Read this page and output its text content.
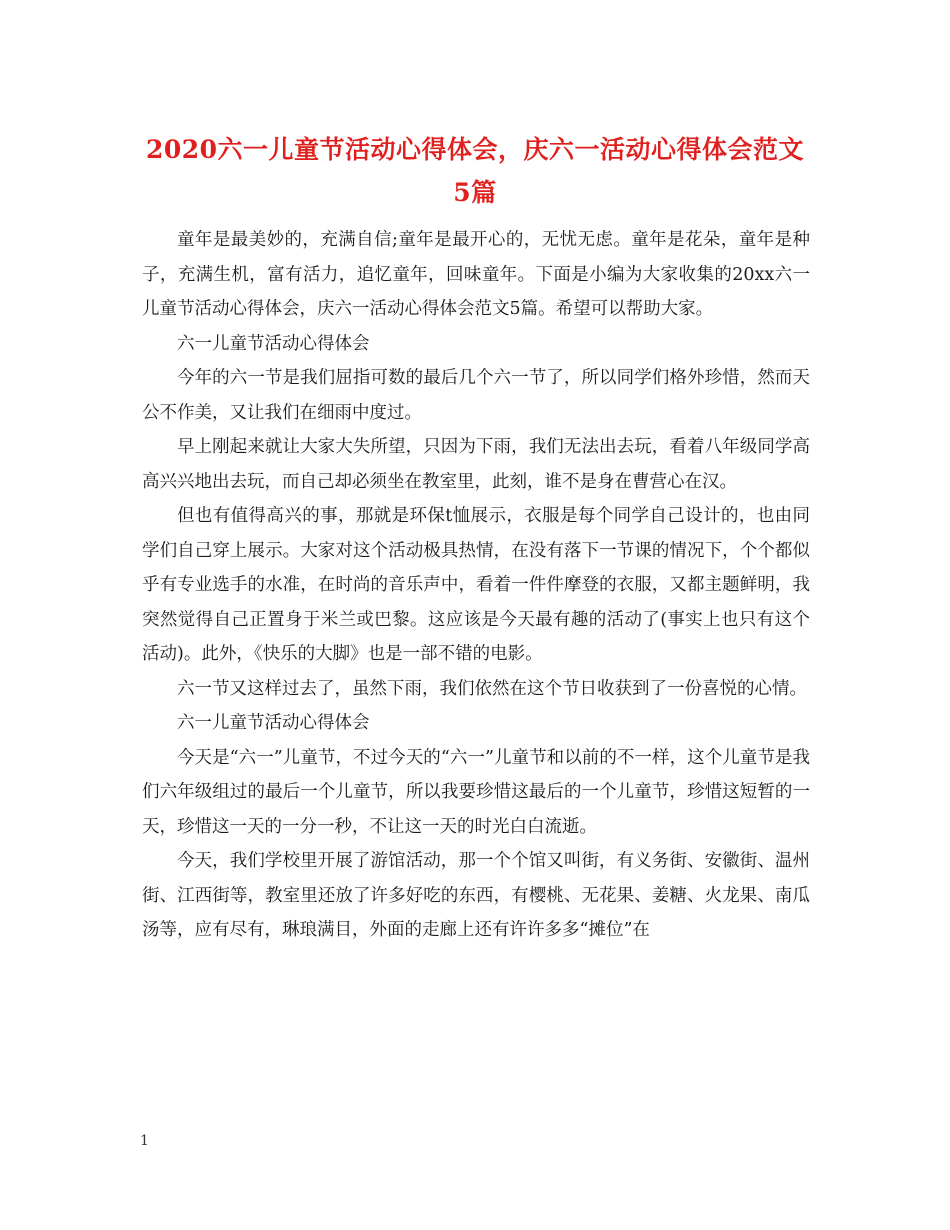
2020六一儿童节活动心得体会，庆六一活动心得体会范文5篇

童年是最美妙的，充满自信;童年是最开心的，无忧无虑。童年是花朵，童年是种子，充满生机，富有活力，追忆童年，回味童年。下面是小编为大家收集的20xx六一儿童节活动心得体会，庆六一活动心得体会范文5篇。希望可以帮助大家。

六一儿童节活动心得体会

今年的六一节是我们屈指可数的最后几个六一节了，所以同学们格外珍惜，然而天公不作美，又让我们在细雨中度过。

早上刚起来就让大家大失所望，只因为下雨，我们无法出去玩，看着八年级同学高高兴兴地出去玩，而自己却必须坐在教室里，此刻，谁不是身在曹营心在汉。

但也有值得高兴的事，那就是环保t恤展示，衣服是每个同学自己设计的，也由同学们自己穿上展示。大家对这个活动极具热情，在没有落下一节课的情况下，个个都似乎有专业选手的水准，在时尚的音乐声中，看着一件件摩登的衣服，又都主题鲜明，我突然觉得自己正置身于米兰或巴黎。这应该是今天最有趣的活动了(事实上也只有这个活动)。此外，《快乐的大脚》也是一部不错的电影。

六一节又这样过去了，虽然下雨，我们依然在这个节日收获到了一份喜悦的心情。

六一儿童节活动心得体会

今天是“六一”儿童节，不过今天的“六一”儿童节和以前的不一样，这个儿童节是我们六年级组过的最后一个儿童节，所以我要珍惜这最后的一个儿童节，珍惜这短暂的一天，珍惜这一天的一分一秒，不让这一天的时光白白流逝。

今天，我们学校里开展了游馆活动，那一个个馆又叫街，有义务街、安徽街、温州街、江西街等，教室里还放了许多好吃的东西，有樱桃、无花果、姜糖、火龙果、南瓜汤等，应有尽有，琳琅满目，外面的走廊上还有许许多多“摊位”在

1
